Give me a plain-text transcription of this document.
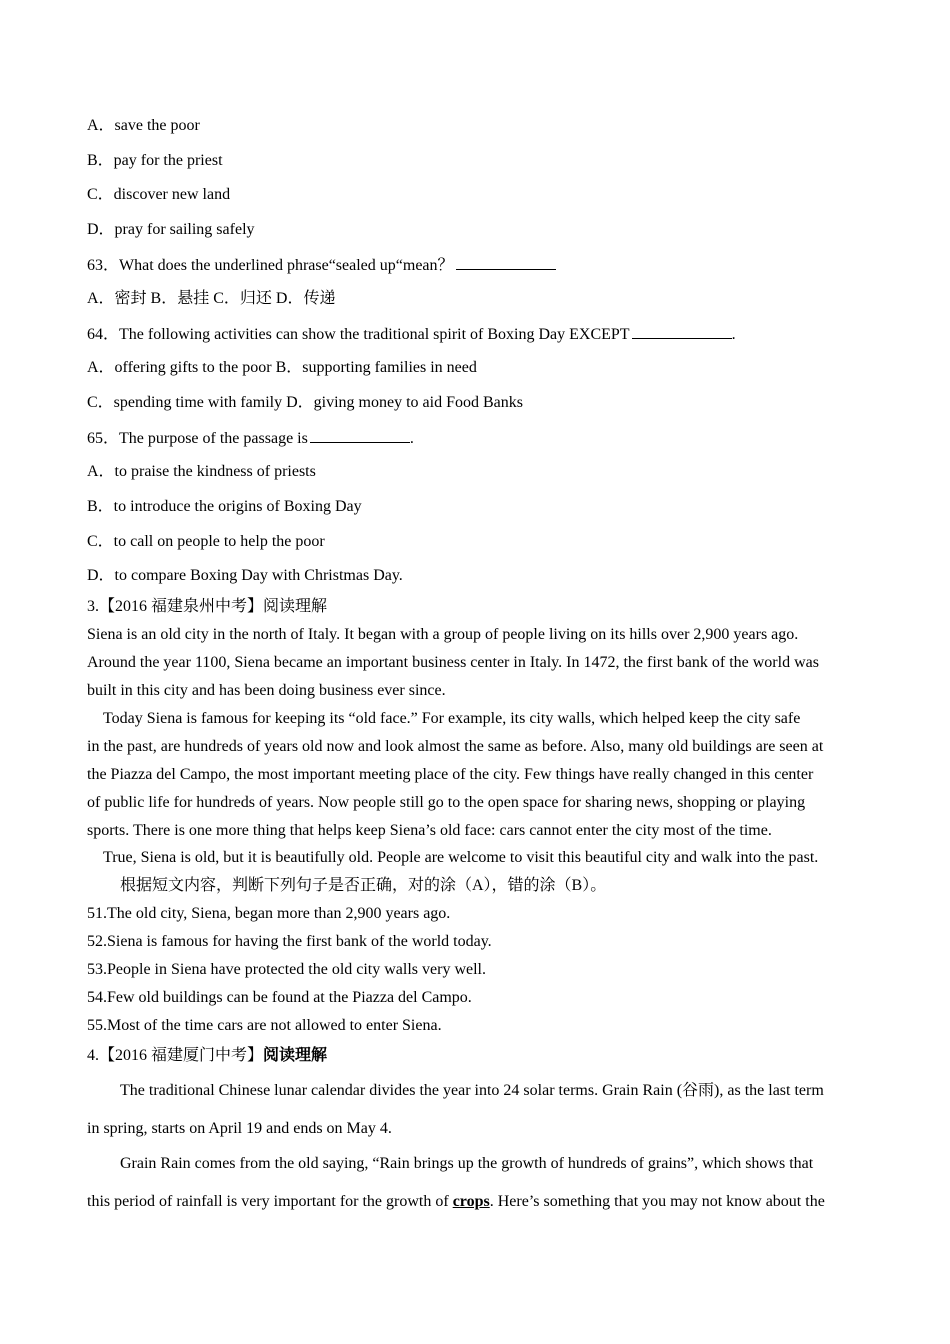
A．save the poor
B．pay for the priest
C．discover new land
D．pray for sailing safely
63．What does the underlined phrase“sealed up“mean？
A．密封 B．悬挂 C．归还 D．传递
64．The following activities can show the traditional spirit of Boxing Day EXCEPT	.
A．offering gifts to the poor B．supporting families in need
C．spending time with family D．giving money to aid Food Banks
65．The purpose of the passage is	.
A．to praise the kindness of priests
B．to introduce the origins of Boxing Day
C．to call on people to help the poor
D．to compare Boxing Day with Christmas Day.
3.【2016 福建泉州中考】阅读理解
Siena is an old city in the north of Italy. It began with a group of people living on its hills over 2,900 years ago.
Around the year 1100, Siena became an important business center in Italy. In 1472, the first bank of the world was
built in this city and has been doing business ever since.
Today Siena is famous for keeping its “old face.” For example, its city walls, which helped keep the city safe
in the past, are hundreds of years old now and look almost the same as before. Also, many old buildings are seen at
the Piazza del Campo, the most important meeting place of the city. Few things have really changed in this center
of public life for hundreds of years. Now people still go to the open space for sharing news, shopping or playing
sports. There is one more thing that helps keep Siena’s old face: cars cannot enter the city most of the time.
True, Siena is old, but it is beautifully old. People are welcome to visit this beautiful city and walk into the past.
根据短文内容，判断下列句子是否正确，对的涂（A），错的涂（B）。
51.The old city, Siena, began more than 2,900 years ago.
52.Siena is famous for having the first bank of the world today.
53.People in Siena have protected the old city walls very well.
54.Few old buildings can be found at the Piazza del Campo.
55.Most of the time cars are not allowed to enter Siena.
4.【2016 福建厦门中考】阅读理解
The traditional Chinese lunar calendar divides the year into 24 solar terms. Grain Rain (谷雨), as the last term
in spring, starts on April 19 and ends on May 4.
Grain Rain comes from the old saying, “Rain brings up the growth of hundreds of grains”, which shows that
this period of rainfall is very important for the growth of crops. Here’s something that you may not know about the
